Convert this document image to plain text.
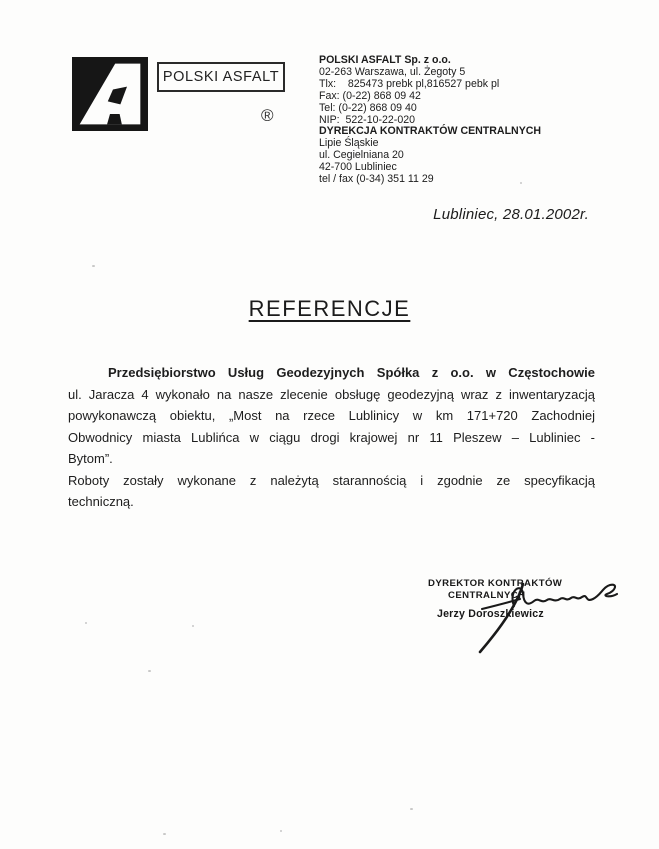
POLSKI ASFALT
®
POLSKI ASFALT Sp. z o.o.
02-263 Warszawa, ul. Żegoty 5
Tlx:    825473 prebk pl,816527 pebk pl
Fax: (0-22) 868 09 42
Tel: (0-22) 868 09 40
NIP:  522-10-22-020
DYREKCJA KONTRAKTÓW CENTRALNYCH
Lipie Śląskie
ul. Cegielniana 20
42-700 Lubliniec
tel / fax (0-34) 351 11 29
Lubliniec, 28.01.2002r.
REFERENCJE
Przedsiębiorstwo Usług Geodezyjnych Spółka z o.o. w Częstochowie
ul. Jaracza 4 wykonało na nasze zlecenie obsługę geodezyjną wraz z inwentaryzacją
powykonawczą obiektu, „Most na rzece Lublinicy w km 171+720 Zachodniej
Obwodnicy miasta Lublińca w ciągu drogi krajowej nr 11 Pleszew – Lubliniec -
Bytom”.
Roboty zostały wykonane z należytą starannością i zgodnie ze specyfikacją
techniczną.
DYREKTOR KONTRAKTÓW
CENTRALNYCH
Jerzy Doroszkiewicz
